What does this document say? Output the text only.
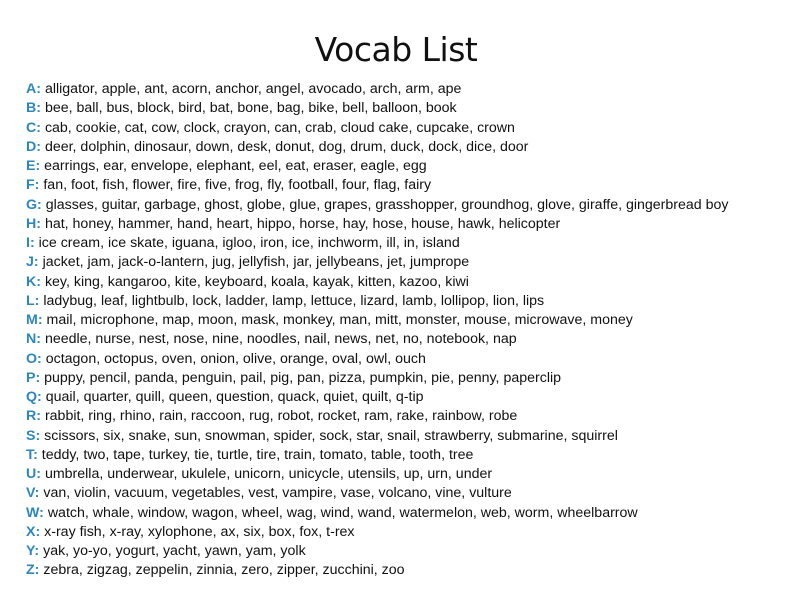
Vocab List
A: alligator, apple, ant, acorn, anchor, angel, avocado, arch, arm, ape
B: bee, ball, bus, block, bird, bat, bone, bag, bike, bell, balloon, book
C: cab, cookie, cat, cow, clock, crayon, can, crab, cloud cake, cupcake, crown
D: deer, dolphin, dinosaur, down, desk, donut, dog, drum, duck, dock, dice, door
E: earrings, ear, envelope, elephant, eel, eat, eraser, eagle, egg
F: fan, foot, fish, flower, fire, five, frog, fly, football, four, flag, fairy
G: glasses, guitar, garbage, ghost, globe, glue, grapes, grasshopper, groundhog, glove, giraffe, gingerbread boy
H: hat, honey, hammer, hand, heart, hippo, horse, hay, hose, house, hawk, helicopter
I: ice cream, ice skate, iguana, igloo, iron, ice, inchworm, ill, in, island
J: jacket, jam, jack-o-lantern, jug, jellyfish, jar, jellybeans, jet, jumprope
K: key, king, kangaroo, kite, keyboard, koala, kayak, kitten, kazoo, kiwi
L: ladybug, leaf, lightbulb, lock, ladder, lamp, lettuce, lizard, lamb, lollipop, lion, lips
M: mail, microphone, map, moon, mask, monkey, man, mitt, monster, mouse, microwave, money
N: needle, nurse, nest, nose, nine, noodles, nail, news, net, no, notebook, nap
O: octagon, octopus, oven, onion, olive, orange, oval, owl, ouch
P: puppy, pencil, panda, penguin, pail, pig, pan, pizza, pumpkin, pie, penny, paperclip
Q: quail, quarter, quill, queen, question, quack, quiet, quilt, q-tip
R: rabbit, ring, rhino, rain, raccoon, rug, robot, rocket, ram, rake, rainbow, robe
S: scissors, six, snake, sun, snowman, spider, sock, star, snail, strawberry, submarine, squirrel
T: teddy, two, tape, turkey, tie, turtle, tire, train, tomato, table, tooth, tree
U: umbrella, underwear, ukulele, unicorn, unicycle, utensils, up, urn, under
V: van, violin, vacuum, vegetables, vest, vampire, vase, volcano, vine, vulture
W: watch, whale, window, wagon, wheel, wag, wind, wand, watermelon, web, worm, wheelbarrow
X: x-ray fish, x-ray, xylophone, ax, six, box, fox, t-rex
Y: yak, yo-yo, yogurt, yacht, yawn, yam, yolk
Z: zebra, zigzag, zeppelin, zinnia, zero, zipper, zucchini, zoo
